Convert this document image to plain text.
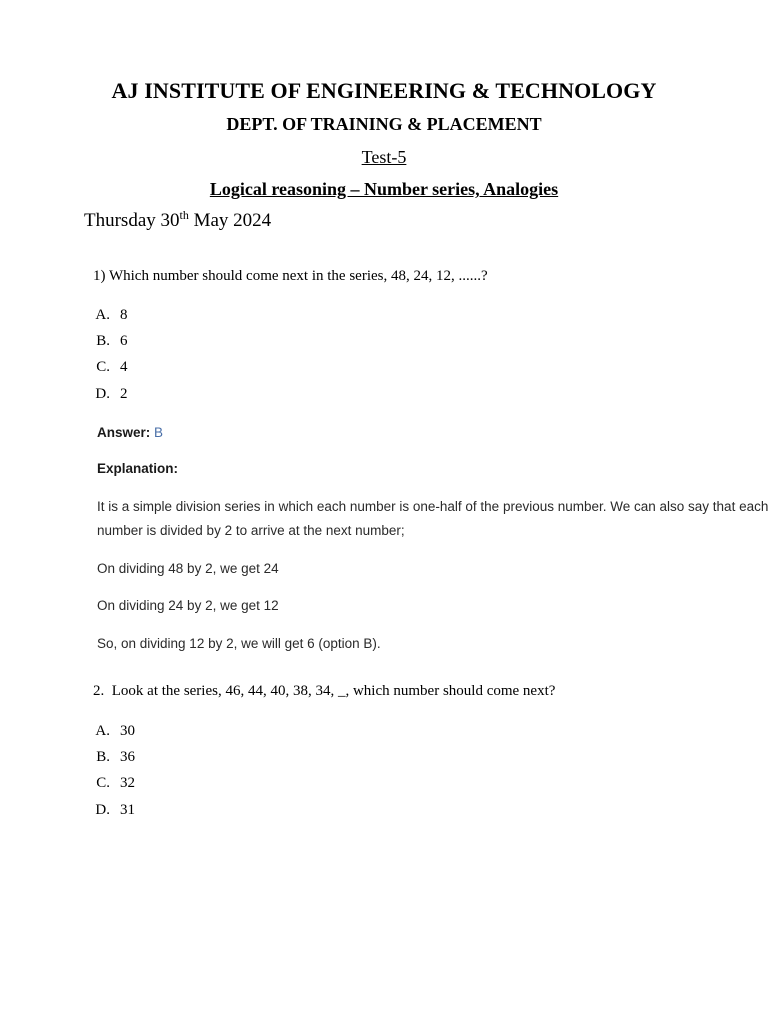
AJ INSTITUTE OF ENGINEERING & TECHNOLOGY
DEPT. OF TRAINING & PLACEMENT
Test-5
Logical reasoning – Number series, Analogies
Thursday 30th May 2024
1) Which number should come next in the series, 48, 24, 12, ......?
A. 8
B. 6
C. 4
D. 2
Answer: B
Explanation:
It is a simple division series in which each number is one-half of the previous number. We can also say that each
number is divided by 2 to arrive at the next number;
On dividing 48 by 2, we get 24
On dividing 24 by 2, we get 12
So, on dividing 12 by 2, we will get 6 (option B).
2. Look at the series, 46, 44, 40, 38, 34, _, which number should come next?
A. 30
B. 36
C. 32
D. 31
